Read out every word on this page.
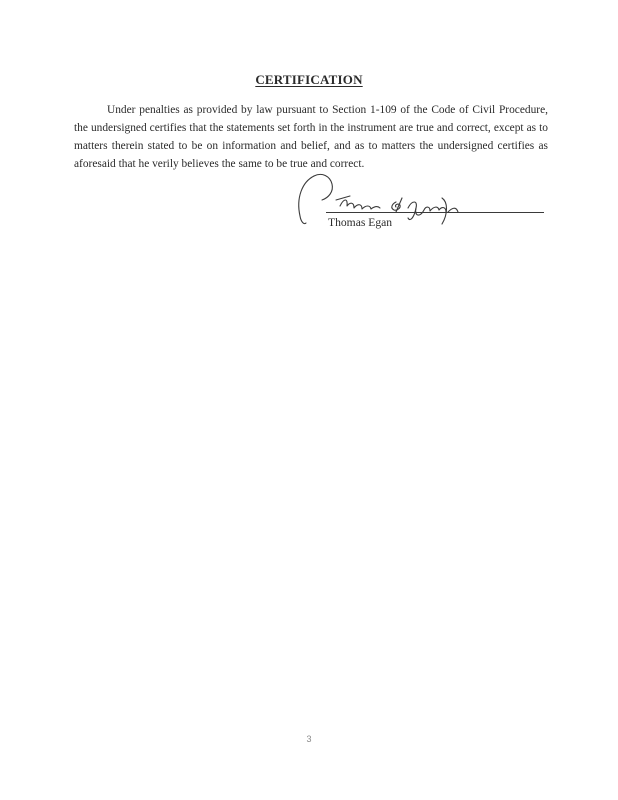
CERTIFICATION

Under penalties as provided by law pursuant to Section 1-109 of the Code of Civil Procedure, the undersigned certifies that the statements set forth in the instrument are true and correct, except as to matters therein stated to be on information and belief, and as to matters the undersigned certifies as aforesaid that he verily believes the same to be true and correct.

Thomas Egan
3
